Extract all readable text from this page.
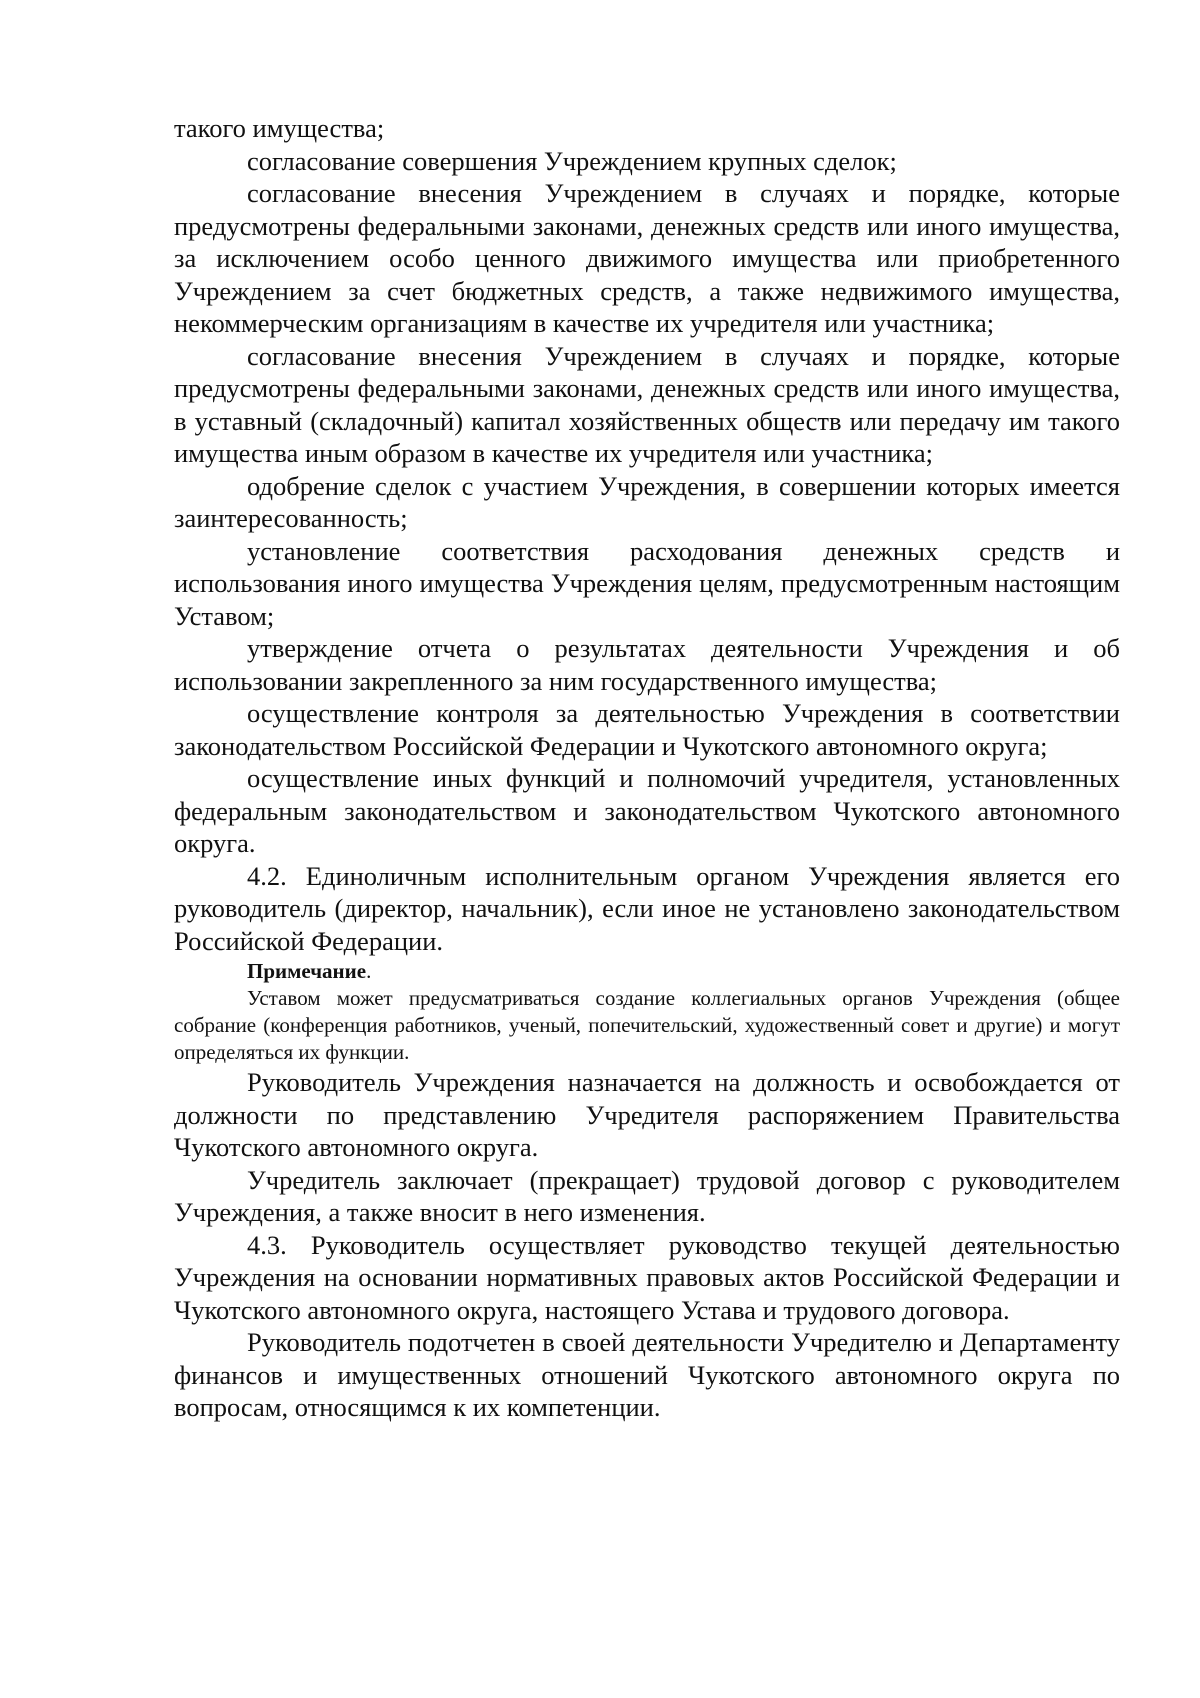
такого имущества;

согласование совершения Учреждением крупных сделок;

согласование внесения Учреждением в случаях и порядке, которые предусмотрены федеральными законами, денежных средств или иного имущества, за исключением особо ценного движимого имущества или приобретенного Учреждением за счет бюджетных средств, а также недвижимого имущества, некоммерческим организациям в качестве их учредителя или участника;

согласование внесения Учреждением в случаях и порядке, которые предусмотрены федеральными законами, денежных средств или иного имущества, в уставный (складочный) капитал хозяйственных обществ или передачу им такого имущества иным образом в качестве их учредителя или участника;

одобрение сделок с участием Учреждения, в совершении которых имеется заинтересованность;

установление соответствия расходования денежных средств и использования иного имущества Учреждения целям, предусмотренным настоящим Уставом;

утверждение отчета о результатах деятельности Учреждения и об использовании закрепленного за ним государственного имущества;

осуществление контроля за деятельностью Учреждения в соответствии законодательством Российской Федерации и Чукотского автономного округа;

осуществление иных функций и полномочий учредителя, установленных федеральным законодательством и законодательством Чукотского автономного округа.

4.2. Единоличным исполнительным органом Учреждения является его руководитель (директор, начальник), если иное не установлено законодательством Российской Федерации.

Примечание.

Уставом может предусматриваться создание коллегиальных органов Учреждения (общее собрание (конференция работников, ученый, попечительский, художественный совет и другие) и могут определяться их функции.

Руководитель Учреждения назначается на должность и освобождается от должности по представлению Учредителя распоряжением Правительства Чукотского автономного округа.

Учредитель заключает (прекращает) трудовой договор с руководителем Учреждения, а также вносит в него изменения.

4.3. Руководитель осуществляет руководство текущей деятельностью Учреждения на основании нормативных правовых актов Российской Федерации и Чукотского автономного округа, настоящего Устава и трудового договора.

Руководитель подотчетен в своей деятельности Учредителю и Департаменту финансов и имущественных отношений Чукотского автономного округа по вопросам, относящимся к их компетенции.
